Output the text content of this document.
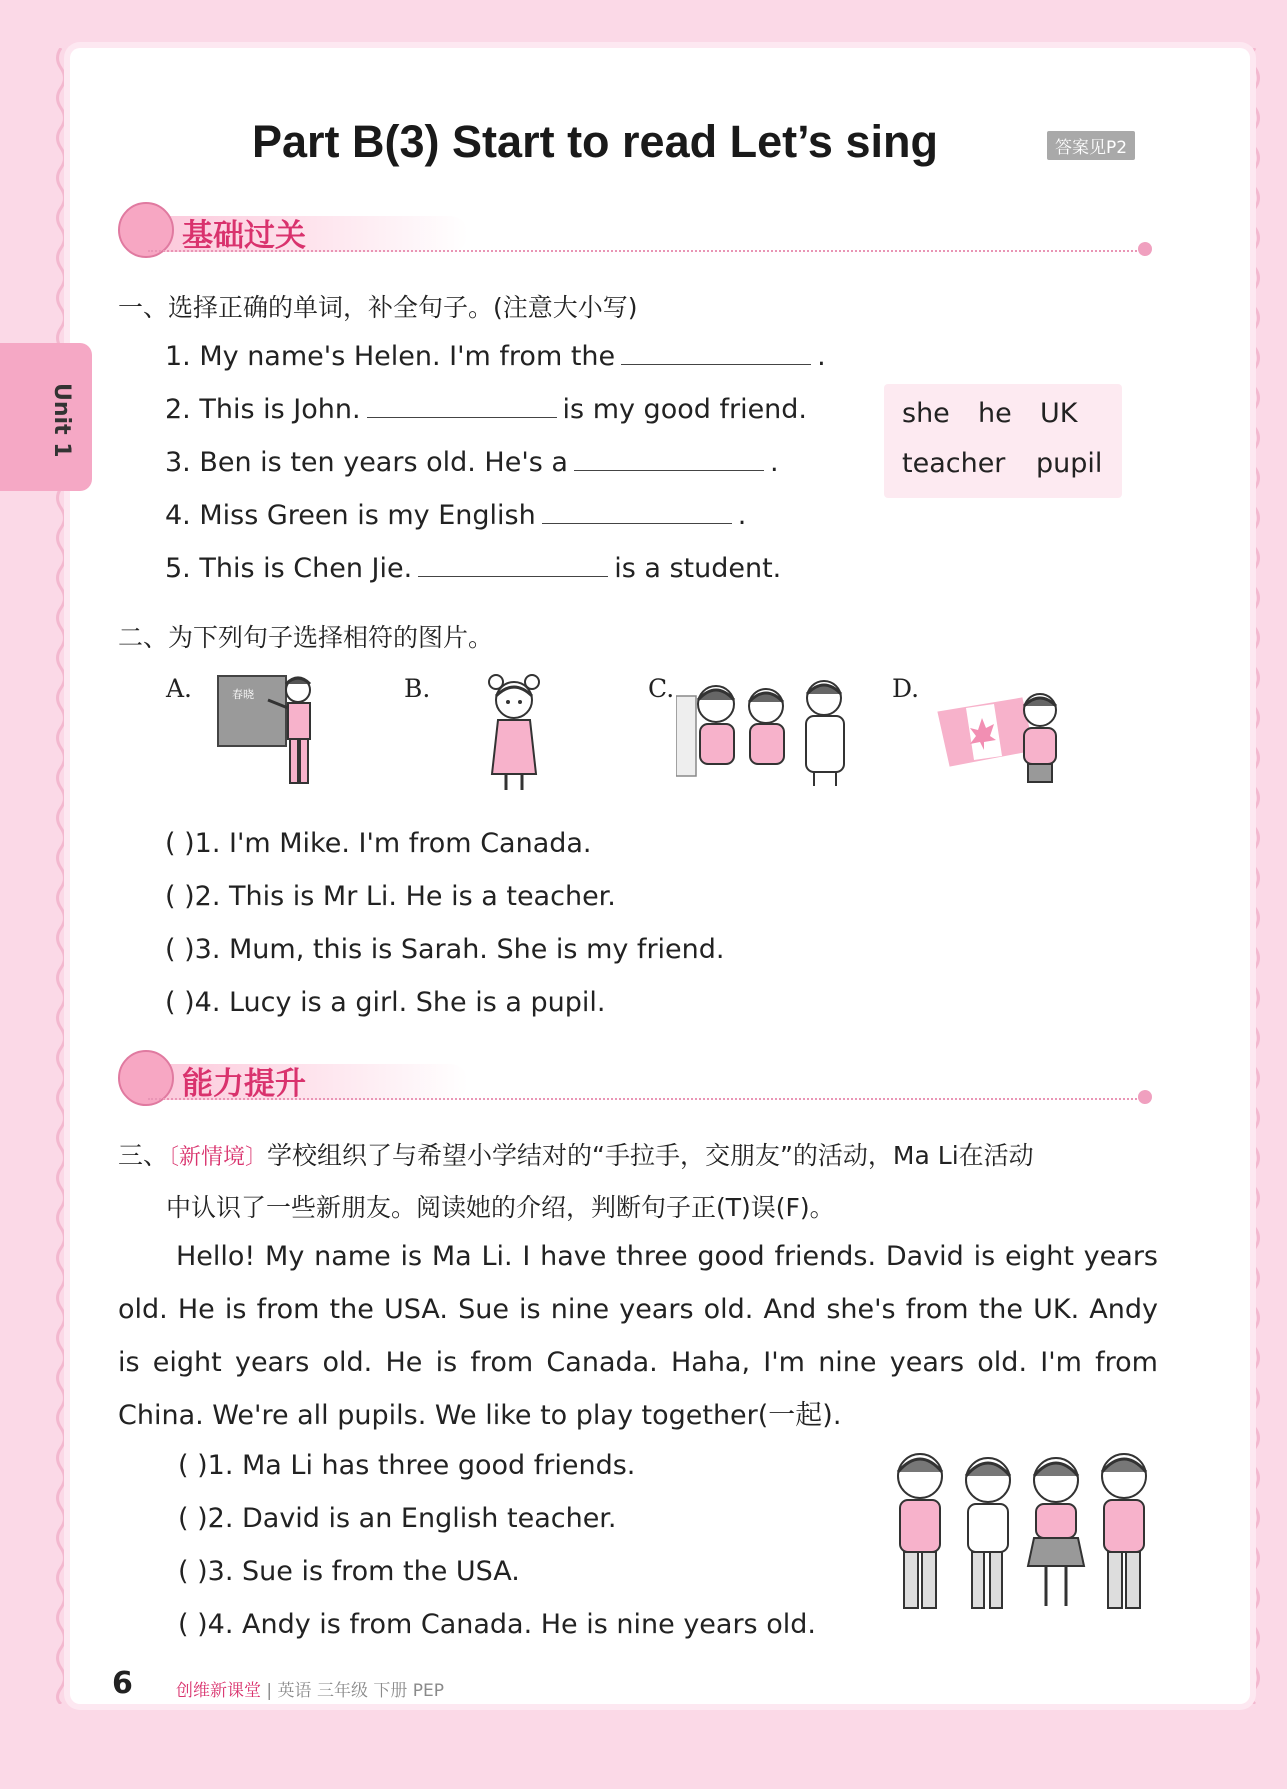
Unit 1
Part B(3) Start to read Let’s sing	答案见P2
基础过关
一、选择正确的单词，补全句子。(注意大小写)
1. My name's Helen. I'm from the	.
2. This is John.	is my good friend.
3. Ben is ten years old. He's a	.
4. Miss Green is my English	.
5. This is Chen Jie.	is a student.
she he UK
teacher pupil
二、为下列句子选择相符的图片。
A.	B.	C.	D.
春晓
( )1. I'm Mike. I'm from Canada.
( )2. This is Mr Li. He is a teacher.
( )3. Mum, this is Sarah. She is my friend.
( )4. Lucy is a girl. She is a pupil.
能力提升
三、〔新情境〕学校组织了与希望小学结对的“手拉手，交朋友”的活动，Ma Li在活动
中认识了一些新朋友。阅读她的介绍，判断句子正(T)误(F)。

Hello! My name is Ma Li. I have three good friends. David is eight years old. He is from the USA. Sue is nine years old. And she's from the UK. Andy is eight years old. He is from Canada. Haha, I'm nine years old. I'm from China. We're all pupils. We like to play together(一起).

( )1. Ma Li has three good friends.
( )2. David is an English teacher.
( )3. Sue is from the USA.
( )4. Andy is from Canada. He is nine years old.
6	创维新课堂 | 英语 三年级 下册 PEP
